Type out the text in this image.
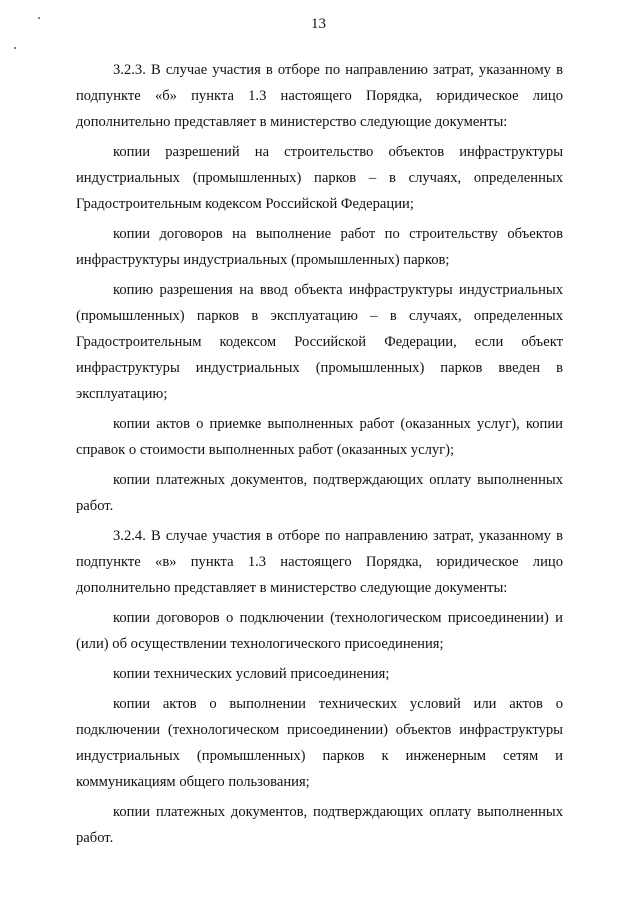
13

3.2.3. В случае участия в отборе по направлению затрат, указанному в подпункте «б» пункта 1.3 настоящего Порядка, юридическое лицо дополнительно представляет в министерство следующие документы:

копии разрешений на строительство объектов инфраструктуры индустриальных (промышленных) парков – в случаях, определенных Градостроительным кодексом Российской Федерации;

копии договоров на выполнение работ по строительству объектов инфраструктуры индустриальных (промышленных) парков;

копию разрешения на ввод объекта инфраструктуры индустриальных (промышленных) парков в эксплуатацию – в случаях, определенных Градостроительным кодексом Российской Федерации, если объект инфраструктуры индустриальных (промышленных) парков введен в эксплуатацию;

копии актов о приемке выполненных работ (оказанных услуг), копии справок о стоимости выполненных работ (оказанных услуг);

копии платежных документов, подтверждающих оплату выполненных работ.

3.2.4. В случае участия в отборе по направлению затрат, указанному в подпункте «в» пункта 1.3 настоящего Порядка, юридическое лицо дополнительно представляет в министерство следующие документы:

копии договоров о подключении (технологическом присоединении) и (или) об осуществлении технологического присоединения;

копии технических условий присоединения;

копии актов о выполнении технических условий или актов о подключении (технологическом присоединении) объектов инфраструктуры индустриальных (промышленных) парков к инженерным сетям и коммуникациям общего пользования;

копии платежных документов, подтверждающих оплату выполненных работ.
